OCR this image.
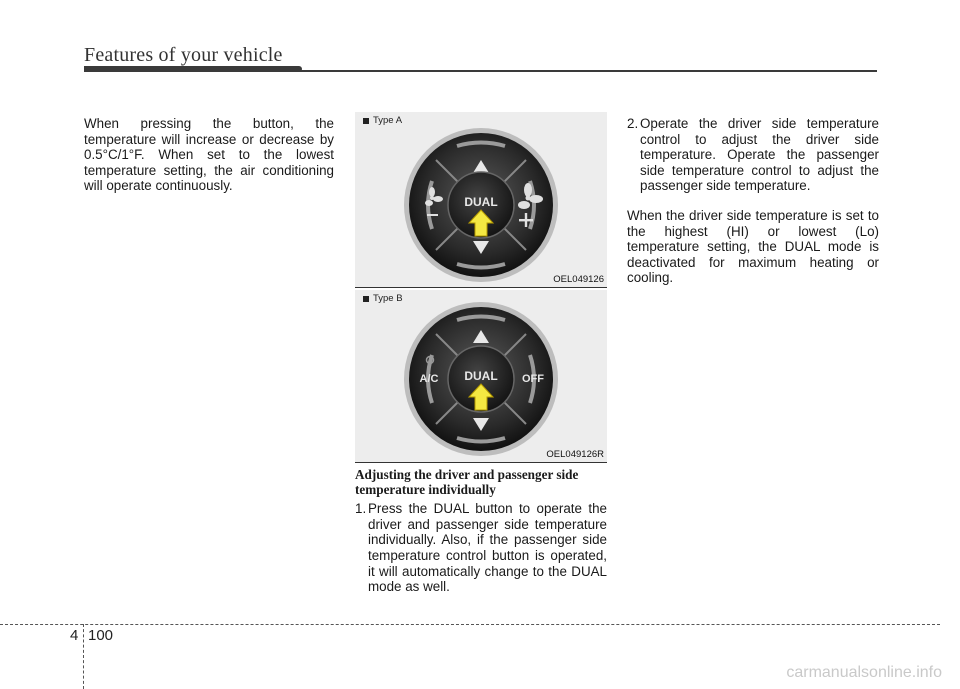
Features of your vehicle

When pressing the button, the temperature will increase or decrease by 0.5°C/1°F. When set to the lowest temperature setting, the air conditioning will operate continuously.

Type A
DUAL
OEL049126
Type B
A/C	OFF
DUAL
OEL049126R

Adjusting the driver and passenger side temperature individually

1. Press the DUAL button to operate the driver and passenger side temperature individually. Also, if the passenger side temperature control button is operated, it will automatically change to the DUAL mode as well.
2. Operate the driver side temperature control to adjust the driver side temperature. Operate the passenger side temperature control to adjust the passenger side temperature.

When the driver side temperature is set to the highest (HI) or lowest (Lo) temperature setting, the DUAL mode is deactivated for maximum heating or cooling.

4 100
carmanualsonline.info
